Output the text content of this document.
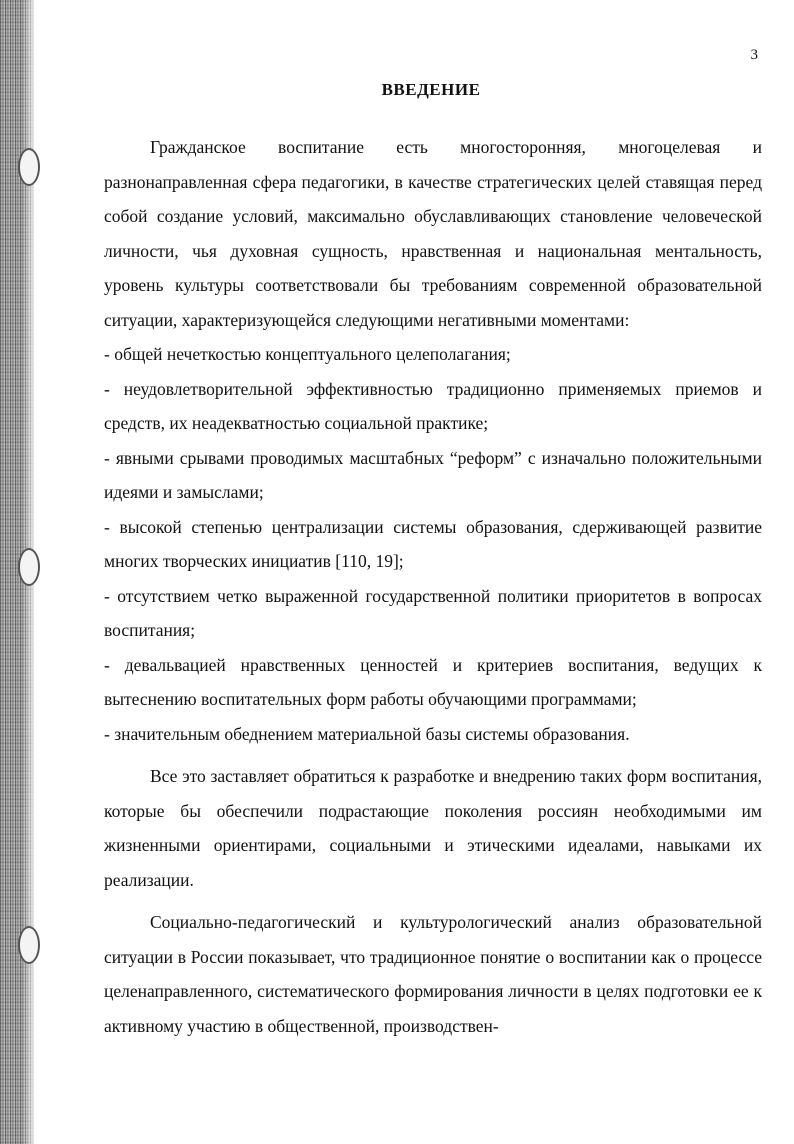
3
ВВЕДЕНИЕ

Гражданское воспитание есть многосторонняя, многоцелевая и разнонаправленная сфера педагогики, в качестве стратегических целей ставящая перед собой создание условий, максимально обуславливающих становление человеческой личности, чья духовная сущность, нравственная и национальная ментальность, уровень культуры соответствовали бы требованиям современной образовательной ситуации, характеризующейся следующими негативными моментами:

- общей нечеткостью концептуального целеполагания;

- неудовлетворительной эффективностью традиционно применяемых приемов и средств, их неадекватностью социальной практике;

- явными срывами проводимых масштабных “реформ” с изначально положительными идеями и замыслами;

- высокой степенью централизации системы образования, сдерживающей развитие многих творческих инициатив [110, 19];

- отсутствием четко выраженной государственной политики приоритетов в вопросах воспитания;

- девальвацией нравственных ценностей и критериев воспитания, ведущих к вытеснению воспитательных форм работы обучающими программами;

- значительным обеднением материальной базы системы образования.

Все это заставляет обратиться к разработке и внедрению таких форм воспитания, которые бы обеспечили подрастающие поколения россиян необходимыми им жизненными ориентирами, социальными и этическими идеалами, навыками их реализации.

Социально-педагогический и культурологический анализ образовательной ситуации в России показывает, что традиционное понятие о воспитании как о процессе целенаправленного, систематического формирования личности в целях подготовки ее к активному участию в общественной, производствен-
